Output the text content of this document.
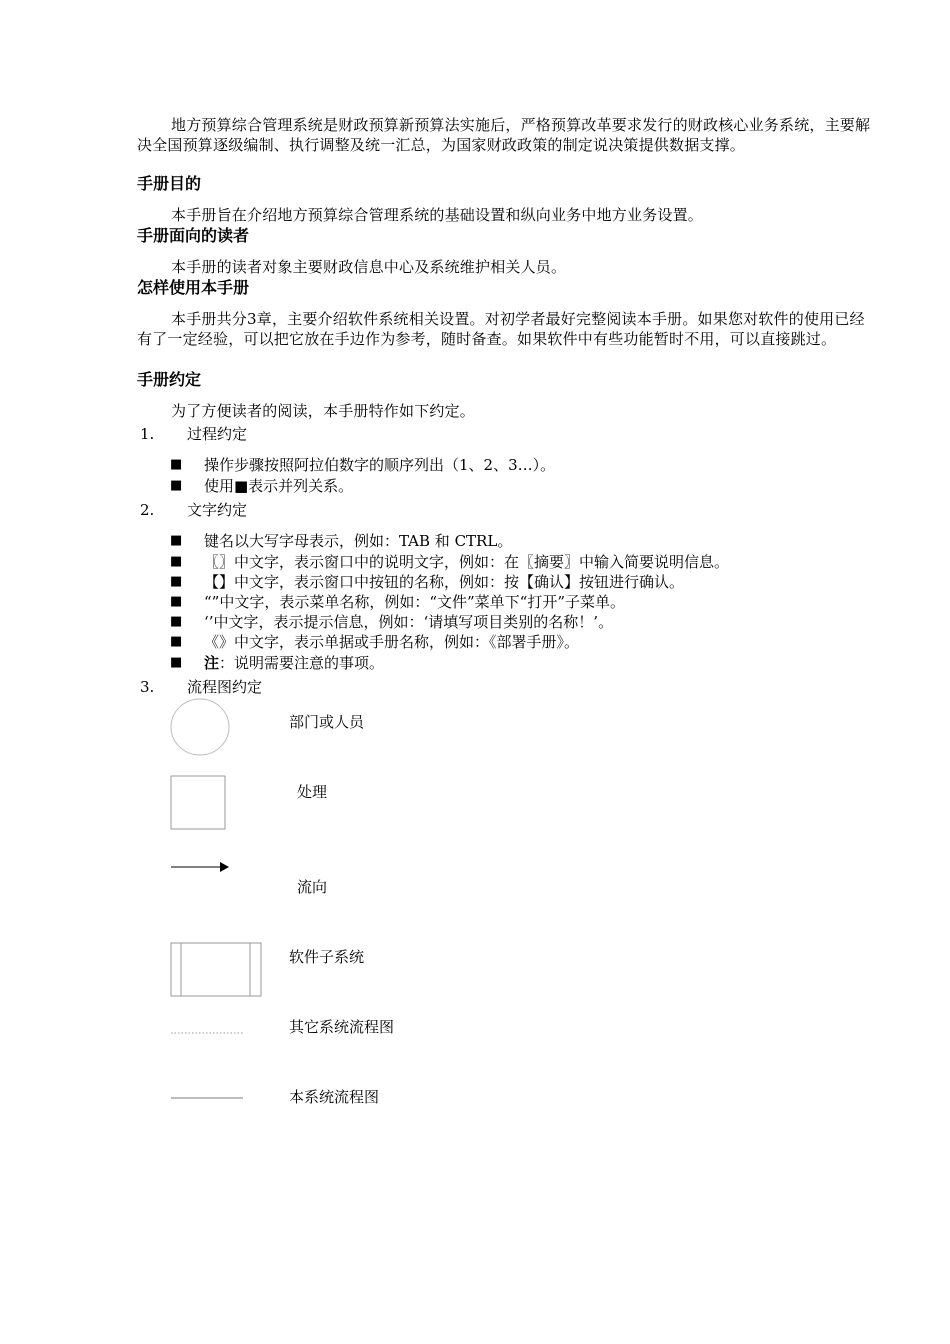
地方预算综合管理系统是财政预算新预算法实施后，严格预算改革要求发行的财政核心业务系统，主要解决全国预算逐级编制、执行调整及统一汇总，为国家财政政策的制定说决策提供数据支撑。
手册目的
本手册旨在介绍地方预算综合管理系统的基础设置和纵向业务中地方业务设置。
手册面向的读者
本手册的读者对象主要财政信息中心及系统维护相关人员。
怎样使用本手册
本手册共分3章，主要介绍软件系统相关设置。对初学者最好完整阅读本手册。如果您对软件的使用已经有了一定经验，可以把它放在手边作为参考，随时备查。如果软件中有些功能暂时不用，可以直接跳过。
手册约定
为了方便读者的阅读，本手册特作如下约定。
1. 过程约定
■ 操作步骤按照阿拉伯数字的顺序列出（1、2、3…）。
■ 使用■表示并列关系。
2. 文字约定
■ 键名以大写字母表示，例如：TAB 和 CTRL。
■ 〖〗中文字，表示窗口中的说明文字，例如：在〖摘要〗中输入简要说明信息。
■ 【】中文字，表示窗口中按钮的名称，例如：按【确认】按钮进行确认。
■ “”中文字，表示菜单名称，例如：“文件”菜单下“打开”子菜单。
■ ‘’中文字，表示提示信息，例如：‘请填写项目类别的名称！’。
■ 《》中文字，表示单据或手册名称，例如：《部署手册》。
■ 注：说明需要注意的事项。
3. 流程图约定
部门或人员
处理
流向
软件子系统
其它系统流程图
本系统流程图
